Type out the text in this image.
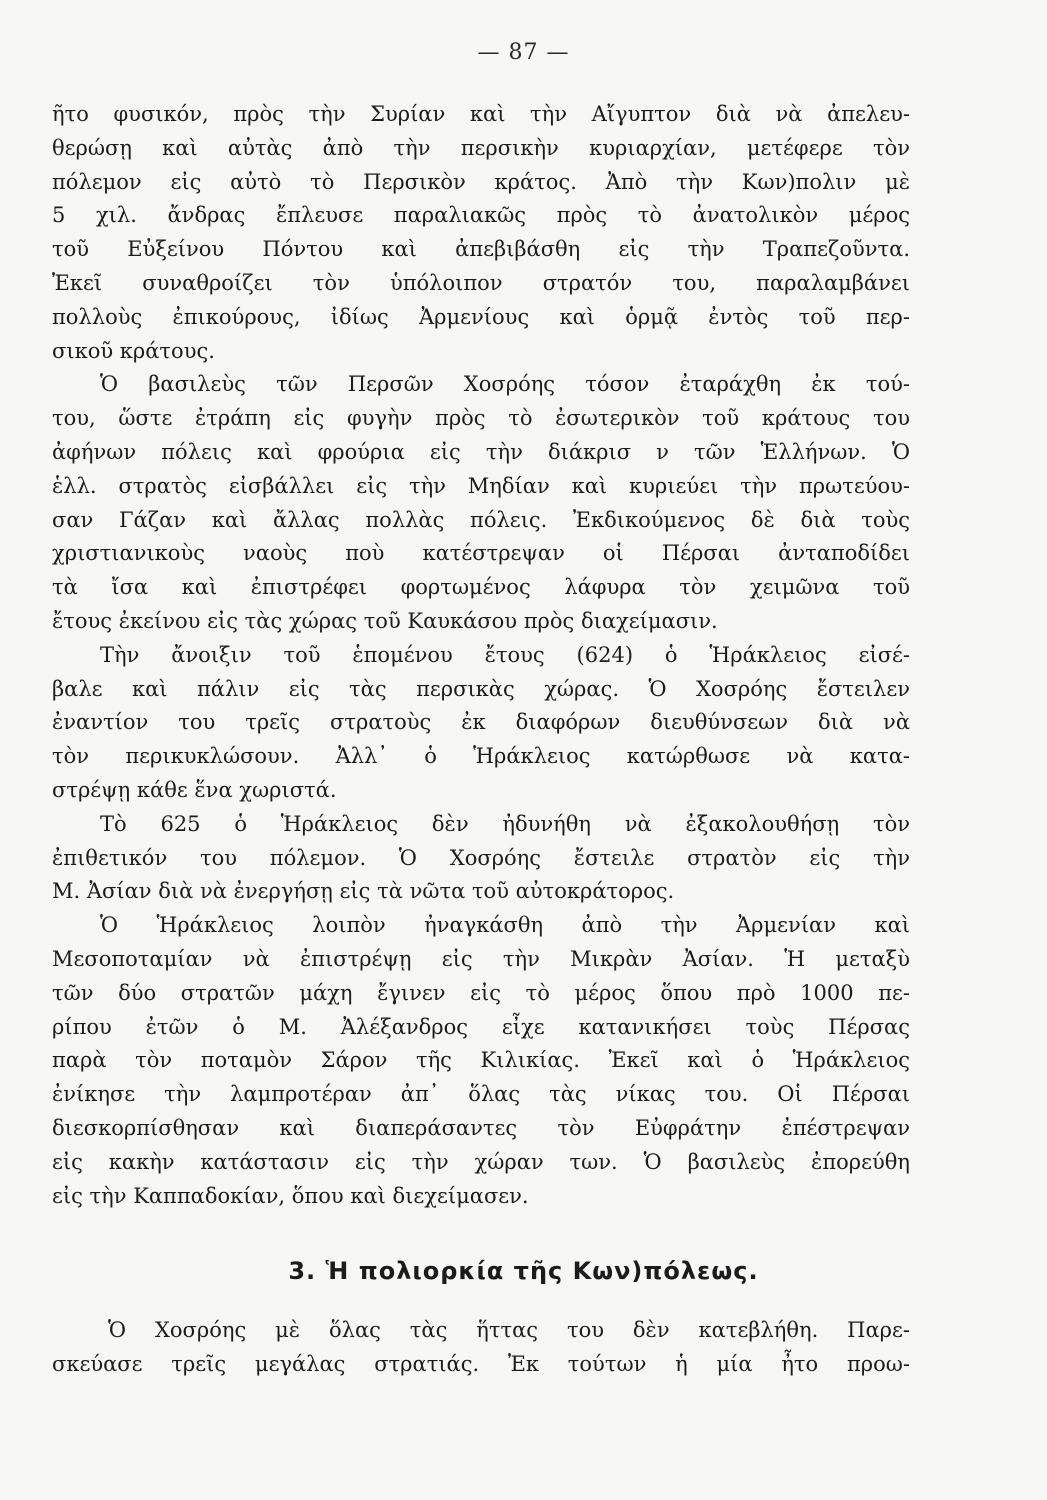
— 87 —
ῆτο φυσικόν, πρὸς τὴν Συρίαν καὶ τὴν Αἴγυπτον διὰ νὰ ἀπελευ-
θερώσῃ καὶ αὐτὰς ἀπὸ τὴν περσικὴν κυριαρχίαν, μετέφερε τὸν
πόλεμον εἰς αὐτὸ τὸ Περσικὸν κράτος. Ἀπὸ τὴν Κων)πολιν μὲ
5 χιλ. ἄνδρας ἔπλευσε παραλιακῶς πρὸς τὸ ἀνατολικὸν μέρος
τοῦ Εὐξείνου Πόντου καὶ ἀπεβιβάσθη εἰς τὴν Τραπεζοῦντα.
Ἐκεῖ συναθροίζει τὸν ὑπόλοιπον στρατόν του, παραλαμβάνει
πολλοὺς ἐπικούρους, ἰδίως Ἀρμενίους καὶ ὁρμᾷ ἐντὸς τοῦ περ-
σικοῦ κράτους.
Ὁ βασιλεὺς τῶν Περσῶν Χοσρόης τόσον ἐταράχθη ἐκ τού-
του, ὥστε ἐτράπη εἰς φυγὴν πρὸς τὸ ἐσωτερικὸν τοῦ κράτους του
ἀφήνων πόλεις καὶ φρούρια εἰς τὴν διάκρισ ν τῶν Ἑλλήνων. Ὁ
ἑλλ. στρατὸς εἰσβάλλει εἰς τὴν Μηδίαν καὶ κυριεύει τὴν πρωτεύου-
σαν Γάζαν καὶ ἄλλας πολλὰς πόλεις. Ἐκδικούμενος δὲ διὰ τοὺς
χριστιανικοὺς ναοὺς ποὺ κατέστρεψαν οἱ Πέρσαι ἀνταποδίδει
τὰ ἴσα καὶ ἐπιστρέφει φορτωμένος λάφυρα τὸν χειμῶνα τοῦ
ἔτους ἐκείνου εἰς τὰς χώρας τοῦ Καυκάσου πρὸς διαχείμασιν.
Τὴν ἄνοιξιν τοῦ ἑπομένου ἔτους (624) ὁ Ἡράκλειος εἰσέ-
βαλε καὶ πάλιν εἰς τὰς περσικὰς χώρας. Ὁ Χοσρόης ἔστειλεν
ἐναντίον του τρεῖς στρατοὺς ἐκ διαφόρων διευθύνσεων διὰ νὰ
τὸν περικυκλώσουν. Ἀλλ᾽ ὁ Ἡράκλειος κατώρθωσε νὰ κατα-
στρέψῃ κάθε ἕνα χωριστά.
Τὸ 625 ὁ Ἡράκλειος δὲν ἠδυνήθη νὰ ἐξακολουθήσῃ τὸν
ἐπιθετικόν του πόλεμον. Ὁ Χοσρόης ἔστειλε στρατὸν εἰς τὴν
Μ. Ἀσίαν διὰ νὰ ἐνεργήσῃ εἰς τὰ νῶτα τοῦ αὐτοκράτορος.
Ὁ Ἡράκλειος λοιπὸν ἠναγκάσθη ἀπὸ τὴν Ἀρμενίαν καὶ
Μεσοποταμίαν νὰ ἐπιστρέψῃ εἰς τὴν Μικρὰν Ἀσίαν. Ἡ μεταξὺ
τῶν δύο στρατῶν μάχη ἔγινεν εἰς τὸ μέρος ὅπου πρὸ 1000 πε-
ρίπου ἐτῶν ὁ Μ. Ἀλέξανδρος εἶχε κατανικήσει τοὺς Πέρσας
παρὰ τὸν ποταμὸν Σάρον τῆς Κιλικίας. Ἐκεῖ καὶ ὁ Ἡράκλειος
ἐνίκησε τὴν λαμπροτέραν ἀπ᾽ ὅλας τὰς νίκας του. Οἱ Πέρσαι
διεσκορπίσθησαν καὶ διαπεράσαντες τὸν Εὐφράτην ἐπέστρεψαν
εἰς κακὴν κατάστασιν εἰς τὴν χώραν των. Ὁ βασιλεὺς ἐπορεύθη
εἰς τὴν Καππαδοκίαν, ὅπου καὶ διεχείμασεν.
3. Ἡ πολιορκία τῆς Κων)πόλεως.
Ὁ Χοσρόης μὲ ὅλας τὰς ἥττας του δὲν κατεβλήθη. Παρε-
σκεύασε τρεῖς μεγάλας στρατιάς. Ἐκ τούτων ἡ μία ἦτο προω-
